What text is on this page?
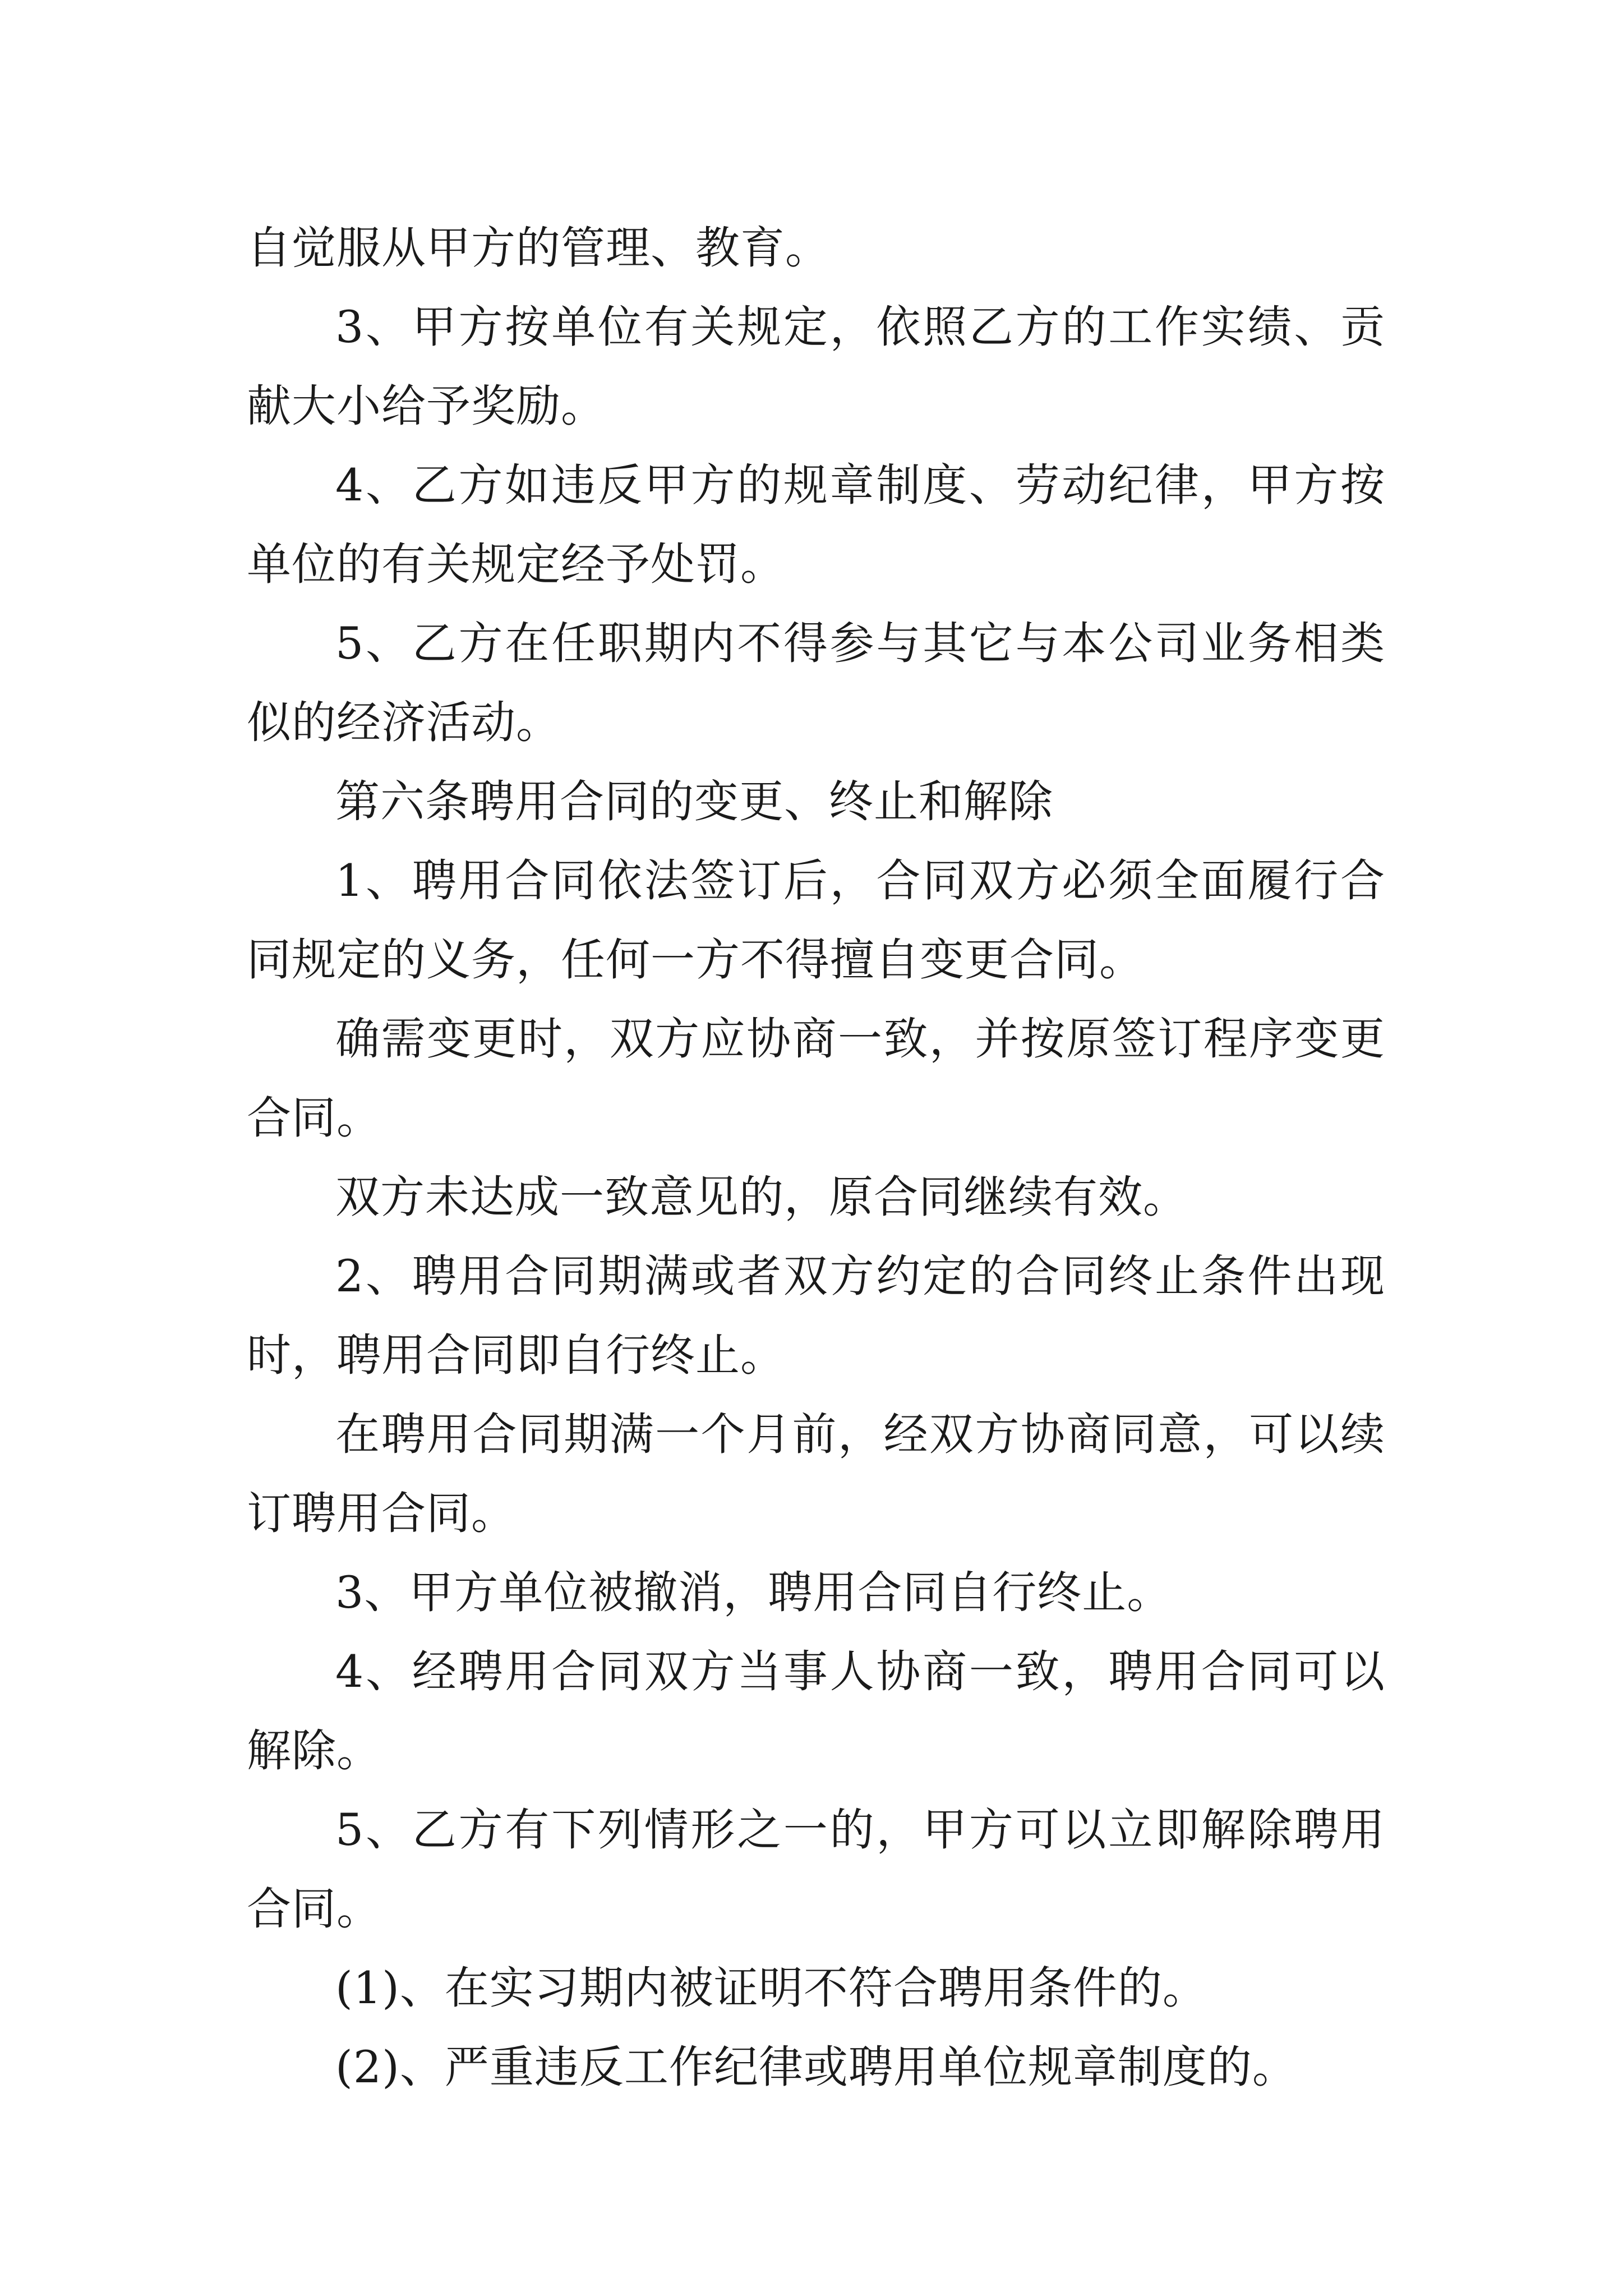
自觉服从甲方的管理、教育。

3、甲方按单位有关规定，依照乙方的工作实绩、贡献大小给予奖励。

4、乙方如违反甲方的规章制度、劳动纪律，甲方按单位的有关规定经予处罚。

5、乙方在任职期内不得参与其它与本公司业务相类似的经济活动。

第六条聘用合同的变更、终止和解除

1、聘用合同依法签订后，合同双方必须全面履行合同规定的义务，任何一方不得擅自变更合同。

确需变更时，双方应协商一致，并按原签订程序变更合同。

双方未达成一致意见的，原合同继续有效。

2、聘用合同期满或者双方约定的合同终止条件出现时，聘用合同即自行终止。

在聘用合同期满一个月前，经双方协商同意，可以续订聘用合同。

3、甲方单位被撤消，聘用合同自行终止。

4、经聘用合同双方当事人协商一致，聘用合同可以解除。

5、乙方有下列情形之一的，甲方可以立即解除聘用合同。

(1)、在实习期内被证明不符合聘用条件的。

(2)、严重违反工作纪律或聘用单位规章制度的。
